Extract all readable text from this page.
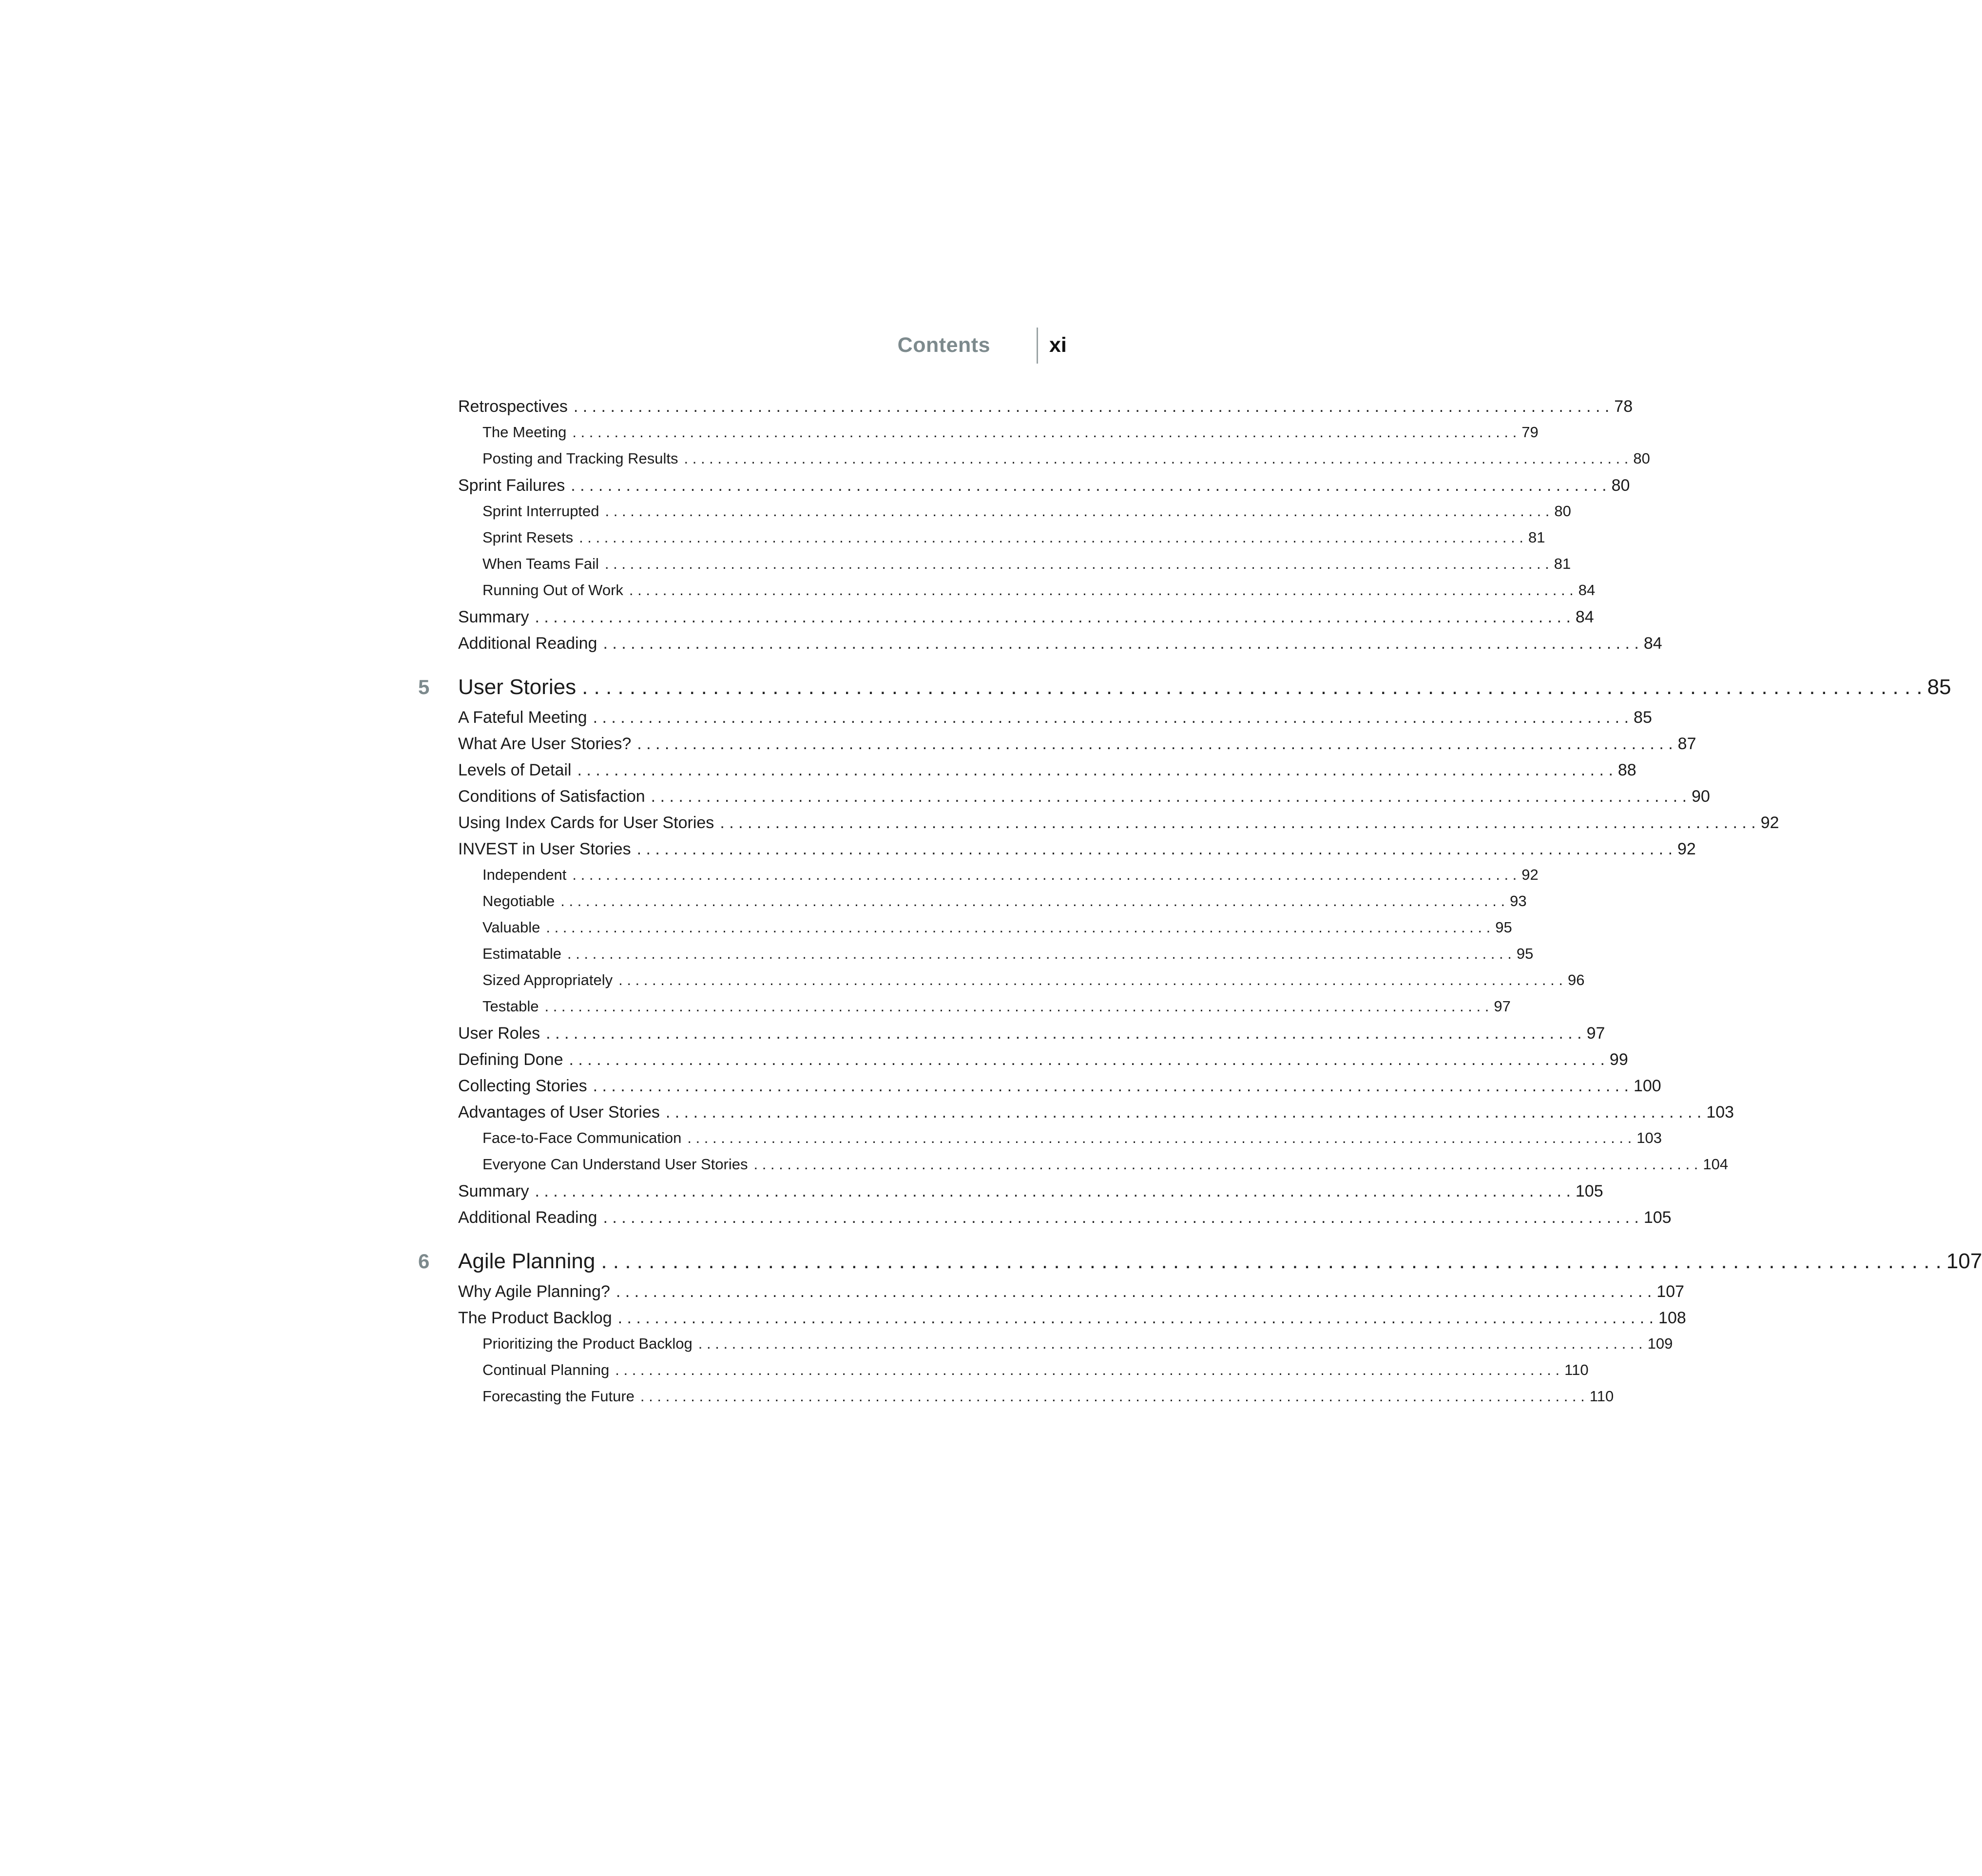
Contents	xi
Retrospectives . . . . . . . . . . . . . . . . . . . . . . . . . . . . . . . . . . . . . . . . . . . . . . . . . . . . . . . . . . . . . . . . . . . . . . . . . . . . . . . . . . . . . . . . . . . . . . . . . . . . . . . . . . . . . . . . . 78
The Meeting . . . . . . . . . . . . . . . . . . . . . . . . . . . . . . . . . . . . . . . . . . . . . . . . . . . . . . . . . . . . . . . . . . . . . . . . . . . . . . . . . . . . . . . . . . . . . . . . . . . . . . . . . . . . . . . . . 79
Posting and Tracking Results . . . . . . . . . . . . . . . . . . . . . . . . . . . . . . . . . . . . . . . . . . . . . . . . . . . . . . . . . . . . . . . . . . . . . . . . . . . . . . . . . . . . . . . . . . . . . . . . . . . . . . . . . . . . . . . . . 80
Sprint Failures . . . . . . . . . . . . . . . . . . . . . . . . . . . . . . . . . . . . . . . . . . . . . . . . . . . . . . . . . . . . . . . . . . . . . . . . . . . . . . . . . . . . . . . . . . . . . . . . . . . . . . . . . . . . . . . . . 80
Sprint Interrupted . . . . . . . . . . . . . . . . . . . . . . . . . . . . . . . . . . . . . . . . . . . . . . . . . . . . . . . . . . . . . . . . . . . . . . . . . . . . . . . . . . . . . . . . . . . . . . . . . . . . . . . . . . . . . . . . . 80
Sprint Resets . . . . . . . . . . . . . . . . . . . . . . . . . . . . . . . . . . . . . . . . . . . . . . . . . . . . . . . . . . . . . . . . . . . . . . . . . . . . . . . . . . . . . . . . . . . . . . . . . . . . . . . . . . . . . . . . . 81
When Teams Fail . . . . . . . . . . . . . . . . . . . . . . . . . . . . . . . . . . . . . . . . . . . . . . . . . . . . . . . . . . . . . . . . . . . . . . . . . . . . . . . . . . . . . . . . . . . . . . . . . . . . . . . . . . . . . . . . . 81
Running Out of Work . . . . . . . . . . . . . . . . . . . . . . . . . . . . . . . . . . . . . . . . . . . . . . . . . . . . . . . . . . . . . . . . . . . . . . . . . . . . . . . . . . . . . . . . . . . . . . . . . . . . . . . . . . . . . . . . . 84
Summary . . . . . . . . . . . . . . . . . . . . . . . . . . . . . . . . . . . . . . . . . . . . . . . . . . . . . . . . . . . . . . . . . . . . . . . . . . . . . . . . . . . . . . . . . . . . . . . . . . . . . . . . . . . . . . . . . 84
Additional Reading . . . . . . . . . . . . . . . . . . . . . . . . . . . . . . . . . . . . . . . . . . . . . . . . . . . . . . . . . . . . . . . . . . . . . . . . . . . . . . . . . . . . . . . . . . . . . . . . . . . . . . . . . . . . . . . . . 84
5 User Stories . . . . . . . . . . . . . . . . . . . . . . . . . . . . . . . . . . . . . . . . . . . . . . . . . . . . . . . . . . . . . . . . . . . . . . . . . . . . . . . . . . . . . . . . . . . . . . . . . . . . . . . . . . . . . . . . . 85
A Fateful Meeting . . . . . . . . . . . . . . . . . . . . . . . . . . . . . . . . . . . . . . . . . . . . . . . . . . . . . . . . . . . . . . . . . . . . . . . . . . . . . . . . . . . . . . . . . . . . . . . . . . . . . . . . . . . . . . . . . 85
What Are User Stories? . . . . . . . . . . . . . . . . . . . . . . . . . . . . . . . . . . . . . . . . . . . . . . . . . . . . . . . . . . . . . . . . . . . . . . . . . . . . . . . . . . . . . . . . . . . . . . . . . . . . . . . . . . . . . . . . . 87
Levels of Detail . . . . . . . . . . . . . . . . . . . . . . . . . . . . . . . . . . . . . . . . . . . . . . . . . . . . . . . . . . . . . . . . . . . . . . . . . . . . . . . . . . . . . . . . . . . . . . . . . . . . . . . . . . . . . . . . . 88
Conditions of Satisfaction . . . . . . . . . . . . . . . . . . . . . . . . . . . . . . . . . . . . . . . . . . . . . . . . . . . . . . . . . . . . . . . . . . . . . . . . . . . . . . . . . . . . . . . . . . . . . . . . . . . . . . . . . . . . . . . . . 90
Using Index Cards for User Stories . . . . . . . . . . . . . . . . . . . . . . . . . . . . . . . . . . . . . . . . . . . . . . . . . . . . . . . . . . . . . . . . . . . . . . . . . . . . . . . . . . . . . . . . . . . . . . . . . . . . . . . . . . . . . . . . . 92
INVEST in User Stories . . . . . . . . . . . . . . . . . . . . . . . . . . . . . . . . . . . . . . . . . . . . . . . . . . . . . . . . . . . . . . . . . . . . . . . . . . . . . . . . . . . . . . . . . . . . . . . . . . . . . . . . . . . . . . . . . 92
Independent . . . . . . . . . . . . . . . . . . . . . . . . . . . . . . . . . . . . . . . . . . . . . . . . . . . . . . . . . . . . . . . . . . . . . . . . . . . . . . . . . . . . . . . . . . . . . . . . . . . . . . . . . . . . . . . . . 92
Negotiable . . . . . . . . . . . . . . . . . . . . . . . . . . . . . . . . . . . . . . . . . . . . . . . . . . . . . . . . . . . . . . . . . . . . . . . . . . . . . . . . . . . . . . . . . . . . . . . . . . . . . . . . . . . . . . . . . 93
Valuable . . . . . . . . . . . . . . . . . . . . . . . . . . . . . . . . . . . . . . . . . . . . . . . . . . . . . . . . . . . . . . . . . . . . . . . . . . . . . . . . . . . . . . . . . . . . . . . . . . . . . . . . . . . . . . . . . 95
Estimatable . . . . . . . . . . . . . . . . . . . . . . . . . . . . . . . . . . . . . . . . . . . . . . . . . . . . . . . . . . . . . . . . . . . . . . . . . . . . . . . . . . . . . . . . . . . . . . . . . . . . . . . . . . . . . . . . . 95
Sized Appropriately . . . . . . . . . . . . . . . . . . . . . . . . . . . . . . . . . . . . . . . . . . . . . . . . . . . . . . . . . . . . . . . . . . . . . . . . . . . . . . . . . . . . . . . . . . . . . . . . . . . . . . . . . . . . . . . . . 96
Testable . . . . . . . . . . . . . . . . . . . . . . . . . . . . . . . . . . . . . . . . . . . . . . . . . . . . . . . . . . . . . . . . . . . . . . . . . . . . . . . . . . . . . . . . . . . . . . . . . . . . . . . . . . . . . . . . . 97
User Roles . . . . . . . . . . . . . . . . . . . . . . . . . . . . . . . . . . . . . . . . . . . . . . . . . . . . . . . . . . . . . . . . . . . . . . . . . . . . . . . . . . . . . . . . . . . . . . . . . . . . . . . . . . . . . . . . . 97
Defining Done . . . . . . . . . . . . . . . . . . . . . . . . . . . . . . . . . . . . . . . . . . . . . . . . . . . . . . . . . . . . . . . . . . . . . . . . . . . . . . . . . . . . . . . . . . . . . . . . . . . . . . . . . . . . . . . . . 99
Collecting Stories . . . . . . . . . . . . . . . . . . . . . . . . . . . . . . . . . . . . . . . . . . . . . . . . . . . . . . . . . . . . . . . . . . . . . . . . . . . . . . . . . . . . . . . . . . . . . . . . . . . . . . . . . . . . . . . . . 100
Advantages of User Stories . . . . . . . . . . . . . . . . . . . . . . . . . . . . . . . . . . . . . . . . . . . . . . . . . . . . . . . . . . . . . . . . . . . . . . . . . . . . . . . . . . . . . . . . . . . . . . . . . . . . . . . . . . . . . . . . . 103
Face-to-Face Communication . . . . . . . . . . . . . . . . . . . . . . . . . . . . . . . . . . . . . . . . . . . . . . . . . . . . . . . . . . . . . . . . . . . . . . . . . . . . . . . . . . . . . . . . . . . . . . . . . . . . . . . . . . . . . . . . . 103
Everyone Can Understand User Stories . . . . . . . . . . . . . . . . . . . . . . . . . . . . . . . . . . . . . . . . . . . . . . . . . . . . . . . . . . . . . . . . . . . . . . . . . . . . . . . . . . . . . . . . . . . . . . . . . . . . . . . . . . . . . . . . . 104
Summary . . . . . . . . . . . . . . . . . . . . . . . . . . . . . . . . . . . . . . . . . . . . . . . . . . . . . . . . . . . . . . . . . . . . . . . . . . . . . . . . . . . . . . . . . . . . . . . . . . . . . . . . . . . . . . . . . 105
Additional Reading . . . . . . . . . . . . . . . . . . . . . . . . . . . . . . . . . . . . . . . . . . . . . . . . . . . . . . . . . . . . . . . . . . . . . . . . . . . . . . . . . . . . . . . . . . . . . . . . . . . . . . . . . . . . . . . . . 105
6 Agile Planning . . . . . . . . . . . . . . . . . . . . . . . . . . . . . . . . . . . . . . . . . . . . . . . . . . . . . . . . . . . . . . . . . . . . . . . . . . . . . . . . . . . . . . . . . . . . . . . . . . . . . . . . . . . . . . . . . 107
Why Agile Planning? . . . . . . . . . . . . . . . . . . . . . . . . . . . . . . . . . . . . . . . . . . . . . . . . . . . . . . . . . . . . . . . . . . . . . . . . . . . . . . . . . . . . . . . . . . . . . . . . . . . . . . . . . . . . . . . . . 107
The Product Backlog . . . . . . . . . . . . . . . . . . . . . . . . . . . . . . . . . . . . . . . . . . . . . . . . . . . . . . . . . . . . . . . . . . . . . . . . . . . . . . . . . . . . . . . . . . . . . . . . . . . . . . . . . . . . . . . . . 108
Prioritizing the Product Backlog . . . . . . . . . . . . . . . . . . . . . . . . . . . . . . . . . . . . . . . . . . . . . . . . . . . . . . . . . . . . . . . . . . . . . . . . . . . . . . . . . . . . . . . . . . . . . . . . . . . . . . . . . . . . . . . . . 109
Continual Planning . . . . . . . . . . . . . . . . . . . . . . . . . . . . . . . . . . . . . . . . . . . . . . . . . . . . . . . . . . . . . . . . . . . . . . . . . . . . . . . . . . . . . . . . . . . . . . . . . . . . . . . . . . . . . . . . . 110
Forecasting the Future . . . . . . . . . . . . . . . . . . . . . . . . . . . . . . . . . . . . . . . . . . . . . . . . . . . . . . . . . . . . . . . . . . . . . . . . . . . . . . . . . . . . . . . . . . . . . . . . . . . . . . . . . . . . . . . . . 110
